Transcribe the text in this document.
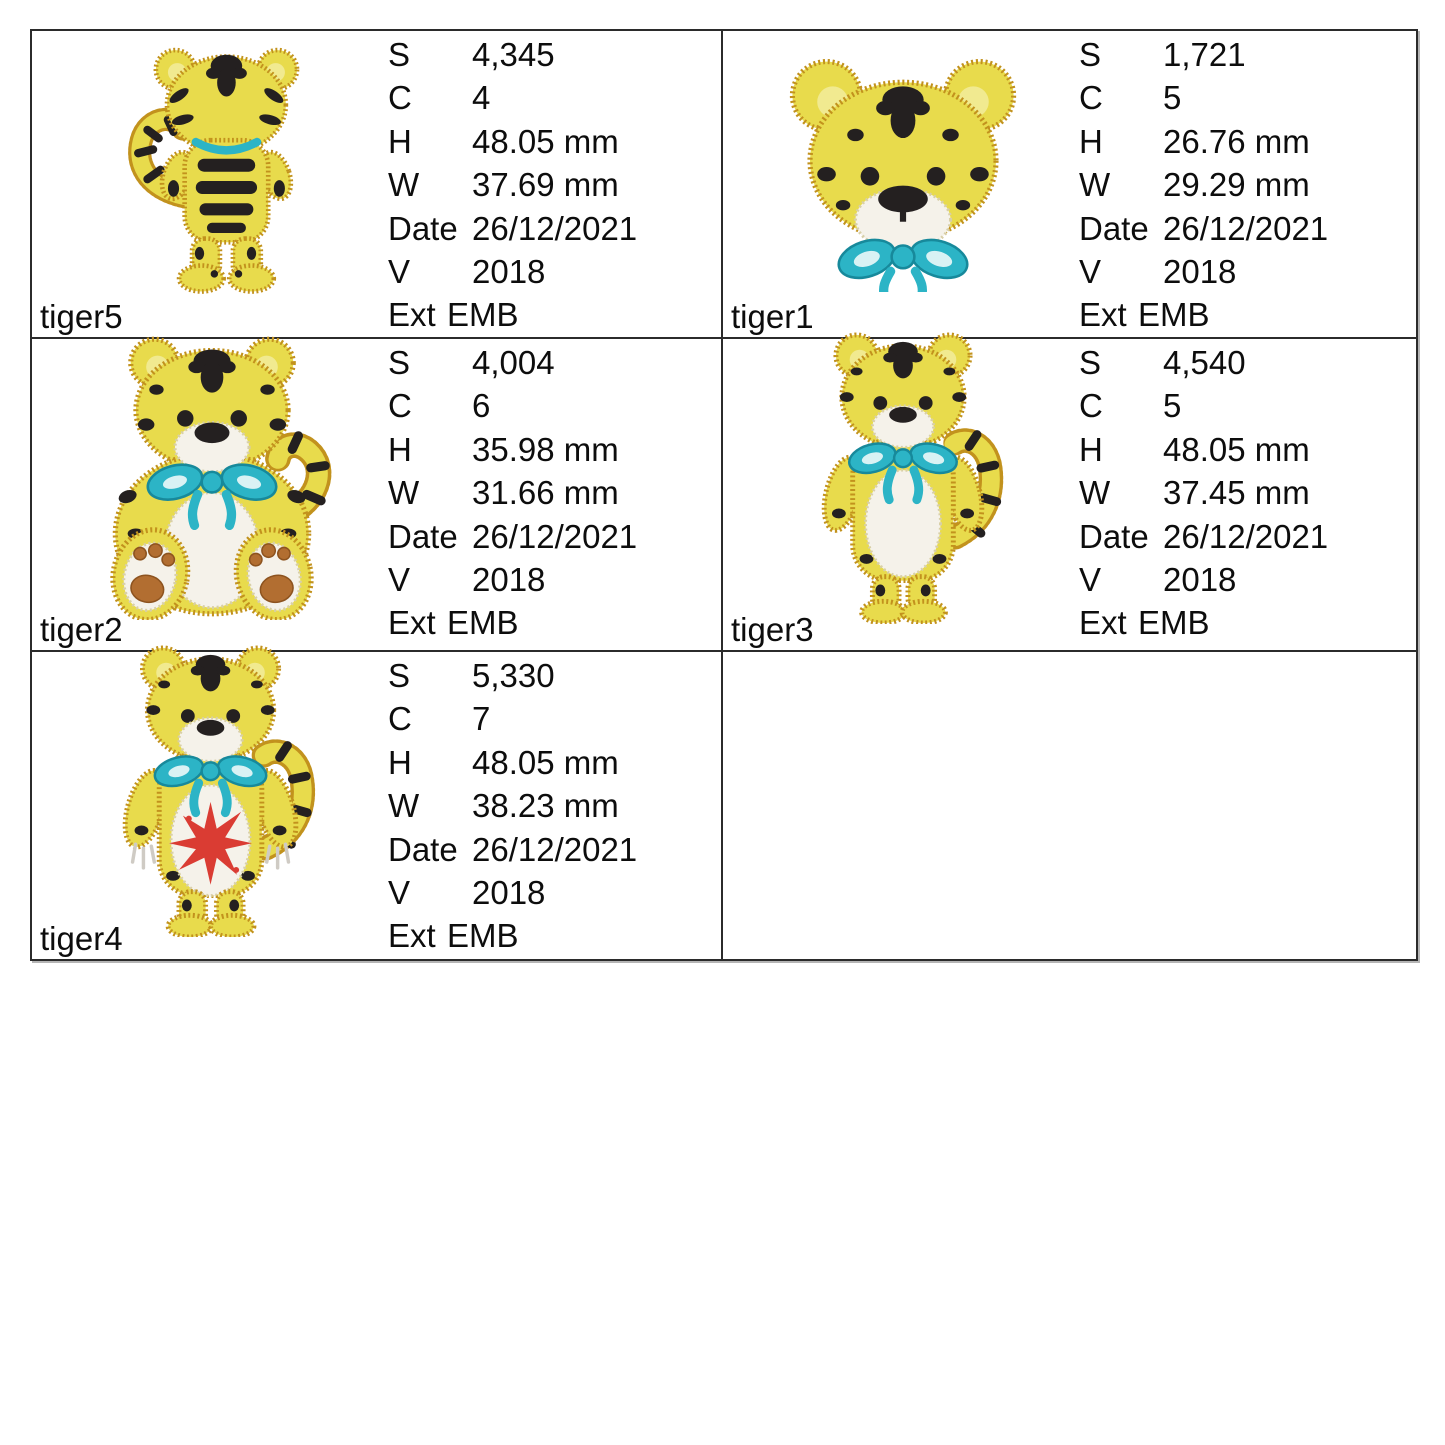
S	4,345
C	4
H	48.05 mm
W	37.69 mm
Date 26/12/2021
V	2018
Ext EMB
tiger5
S	1,721
C	5
H	26.76 mm
W	29.29 mm
Date 26/12/2021
V	2018
Ext EMB
tiger1
S	4,004
C	6
H	35.98 mm
W	31.66 mm
Date 26/12/2021
V	2018
Ext EMB
tiger2
S	4,540
C	5
H	48.05 mm
W	37.45 mm
Date 26/12/2021
V	2018
Ext EMB
tiger3
S	5,330
C	7
H	48.05 mm
W	38.23 mm
Date 26/12/2021
V	2018
Ext EMB
tiger4
